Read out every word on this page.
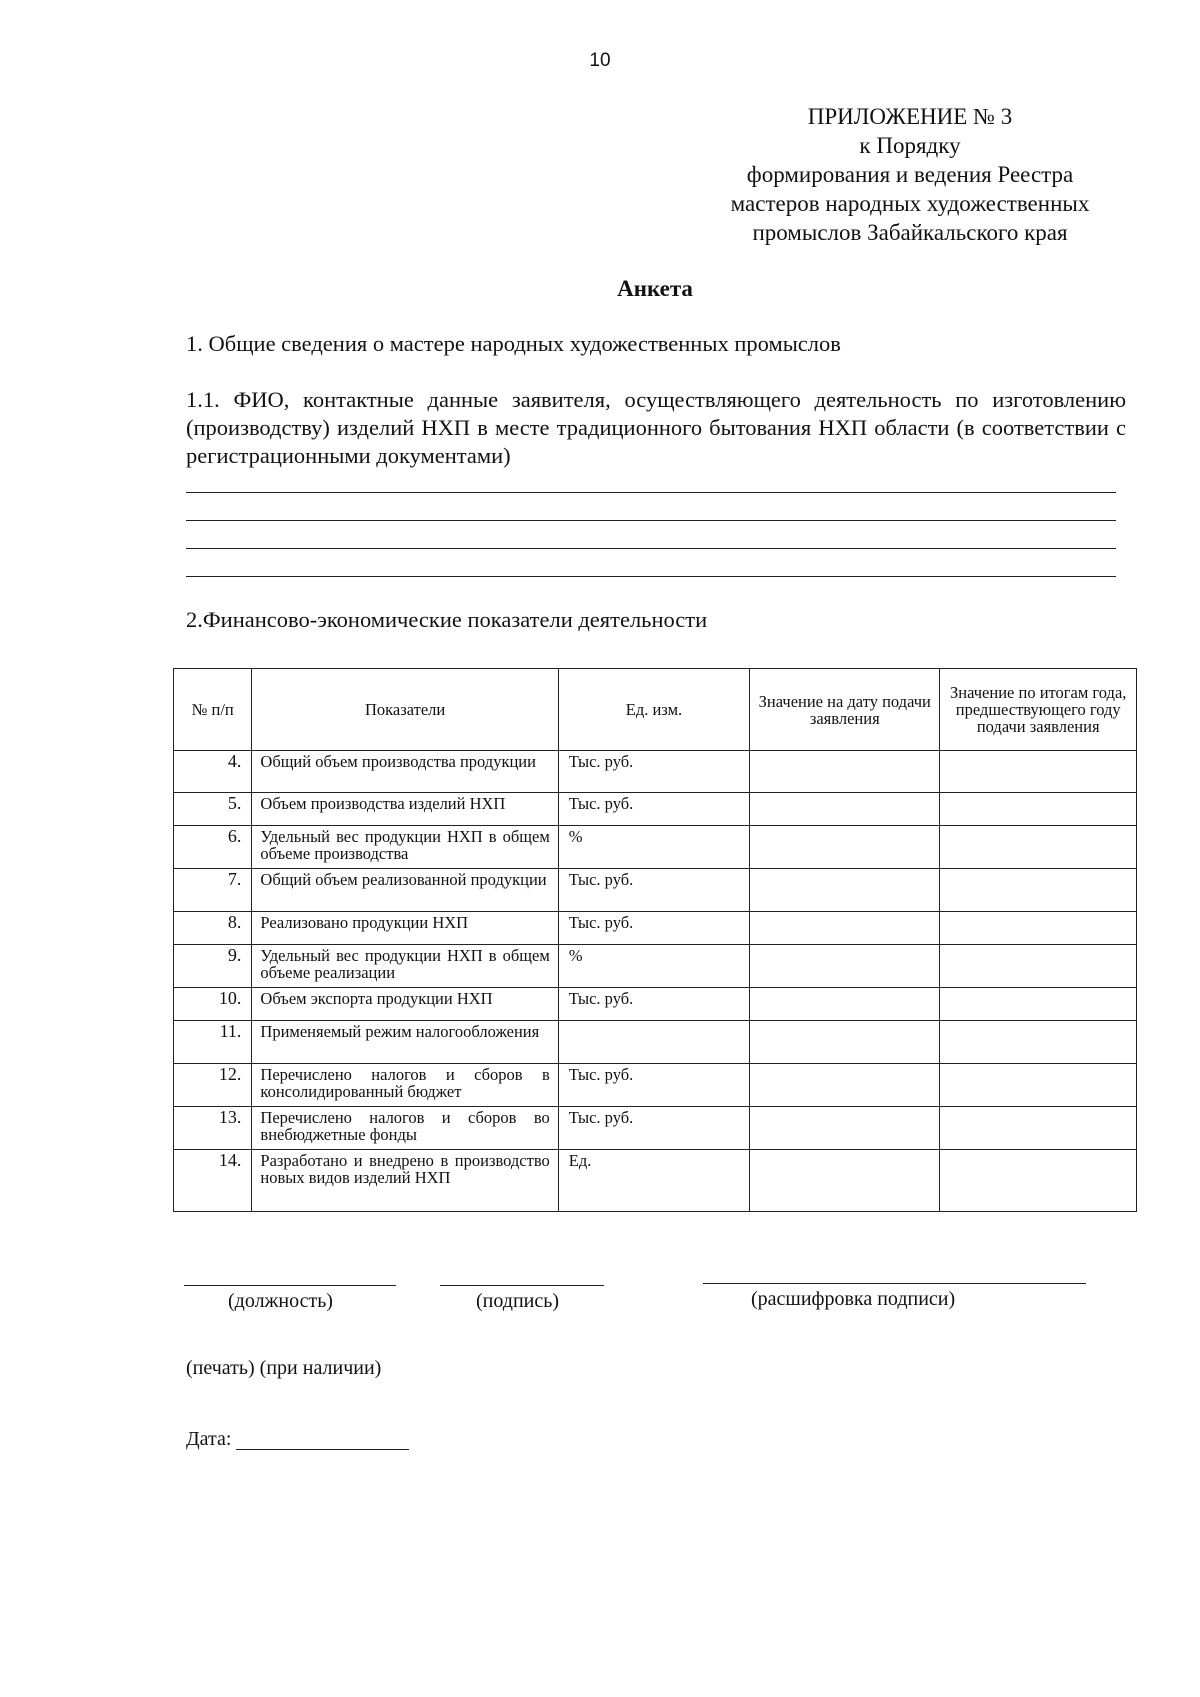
10
ПРИЛОЖЕНИЕ № 3
к Порядку
формирования и ведения Реестра
мастеров народных художественных
промыслов Забайкальского края
Анкета
1. Общие сведения о мастере народных художественных промыслов
1.1. ФИО, контактные данные заявителя, осуществляющего деятельность по изготовлению (производству) изделий НХП в месте традиционного бытования НХП области (в соответствии с регистрационными документами)
2.Финансово-экономические показатели деятельности
№ п/п	Показатели	Ед. изм.	Значение на дату подачи заявления	Значение по итогам года, предшествующего году подачи заявления
4.	Общий объем производства продукции	Тыс. руб.		
5.	Объем производства изделий НХП	Тыс. руб.		
6.	Удельный вес продукции НХП в общем объеме производства	%		
7.	Общий объем реализованной продукции	Тыс. руб.		
8.	Реализовано продукции НХП	Тыс. руб.		
9.	Удельный вес продукции НХП в общем объеме реализации	%		
10.	Объем экспорта продукции НХП	Тыс. руб.		
11.	Применяемый режим налогообложения			
12.	Перечислено налогов и сборов в консолидированный бюджет	Тыс. руб.		
13.	Перечислено налогов и сборов во внебюджетные фонды	Тыс. руб.		
14.	Разработано и внедрено в производство новых видов изделий НХП	Ед.		
(должность)	(подпись)	(расшифровка подписи)
(печать) (при наличии)
Дата:
